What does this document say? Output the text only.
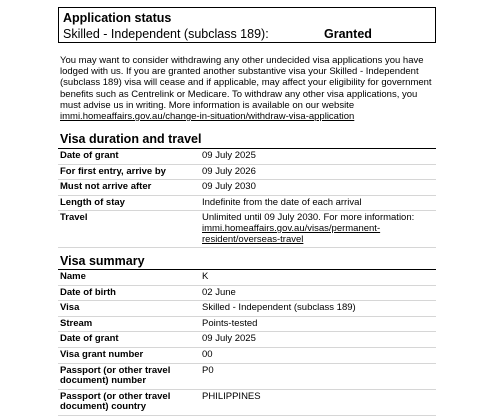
Application status
Skilled - Independent (subclass 189):	Granted
You may want to consider withdrawing any other undecided visa applications you have lodged with us. If you are granted another substantive visa your Skilled - Independent (subclass 189) visa will cease and if applicable, may affect your eligibility for government benefits such as Centrelink or Medicare. To withdraw any other visa applications, you must advise us in writing. More information is available on our website immi.homeaffairs.gov.au/change-in-situation/withdraw-visa-application
Visa duration and travel
Date of grant	09 July 2025
For first entry, arrive by	09 July 2026
Must not arrive after	09 July 2030
Length of stay	Indefinite from the date of each arrival
Travel	Unlimited until 09 July 2030. For more information: immi.homeaffairs.gov.au/visas/permanent-resident/overseas-travel
Visa summary
Name	K
Date of birth	02 June
Visa	Skilled - Independent (subclass 189)
Stream	Points-tested
Date of grant	09 July 2025
Visa grant number	00
Passport (or other travel document) number	P0
Passport (or other travel document) country	PHILIPPINES
